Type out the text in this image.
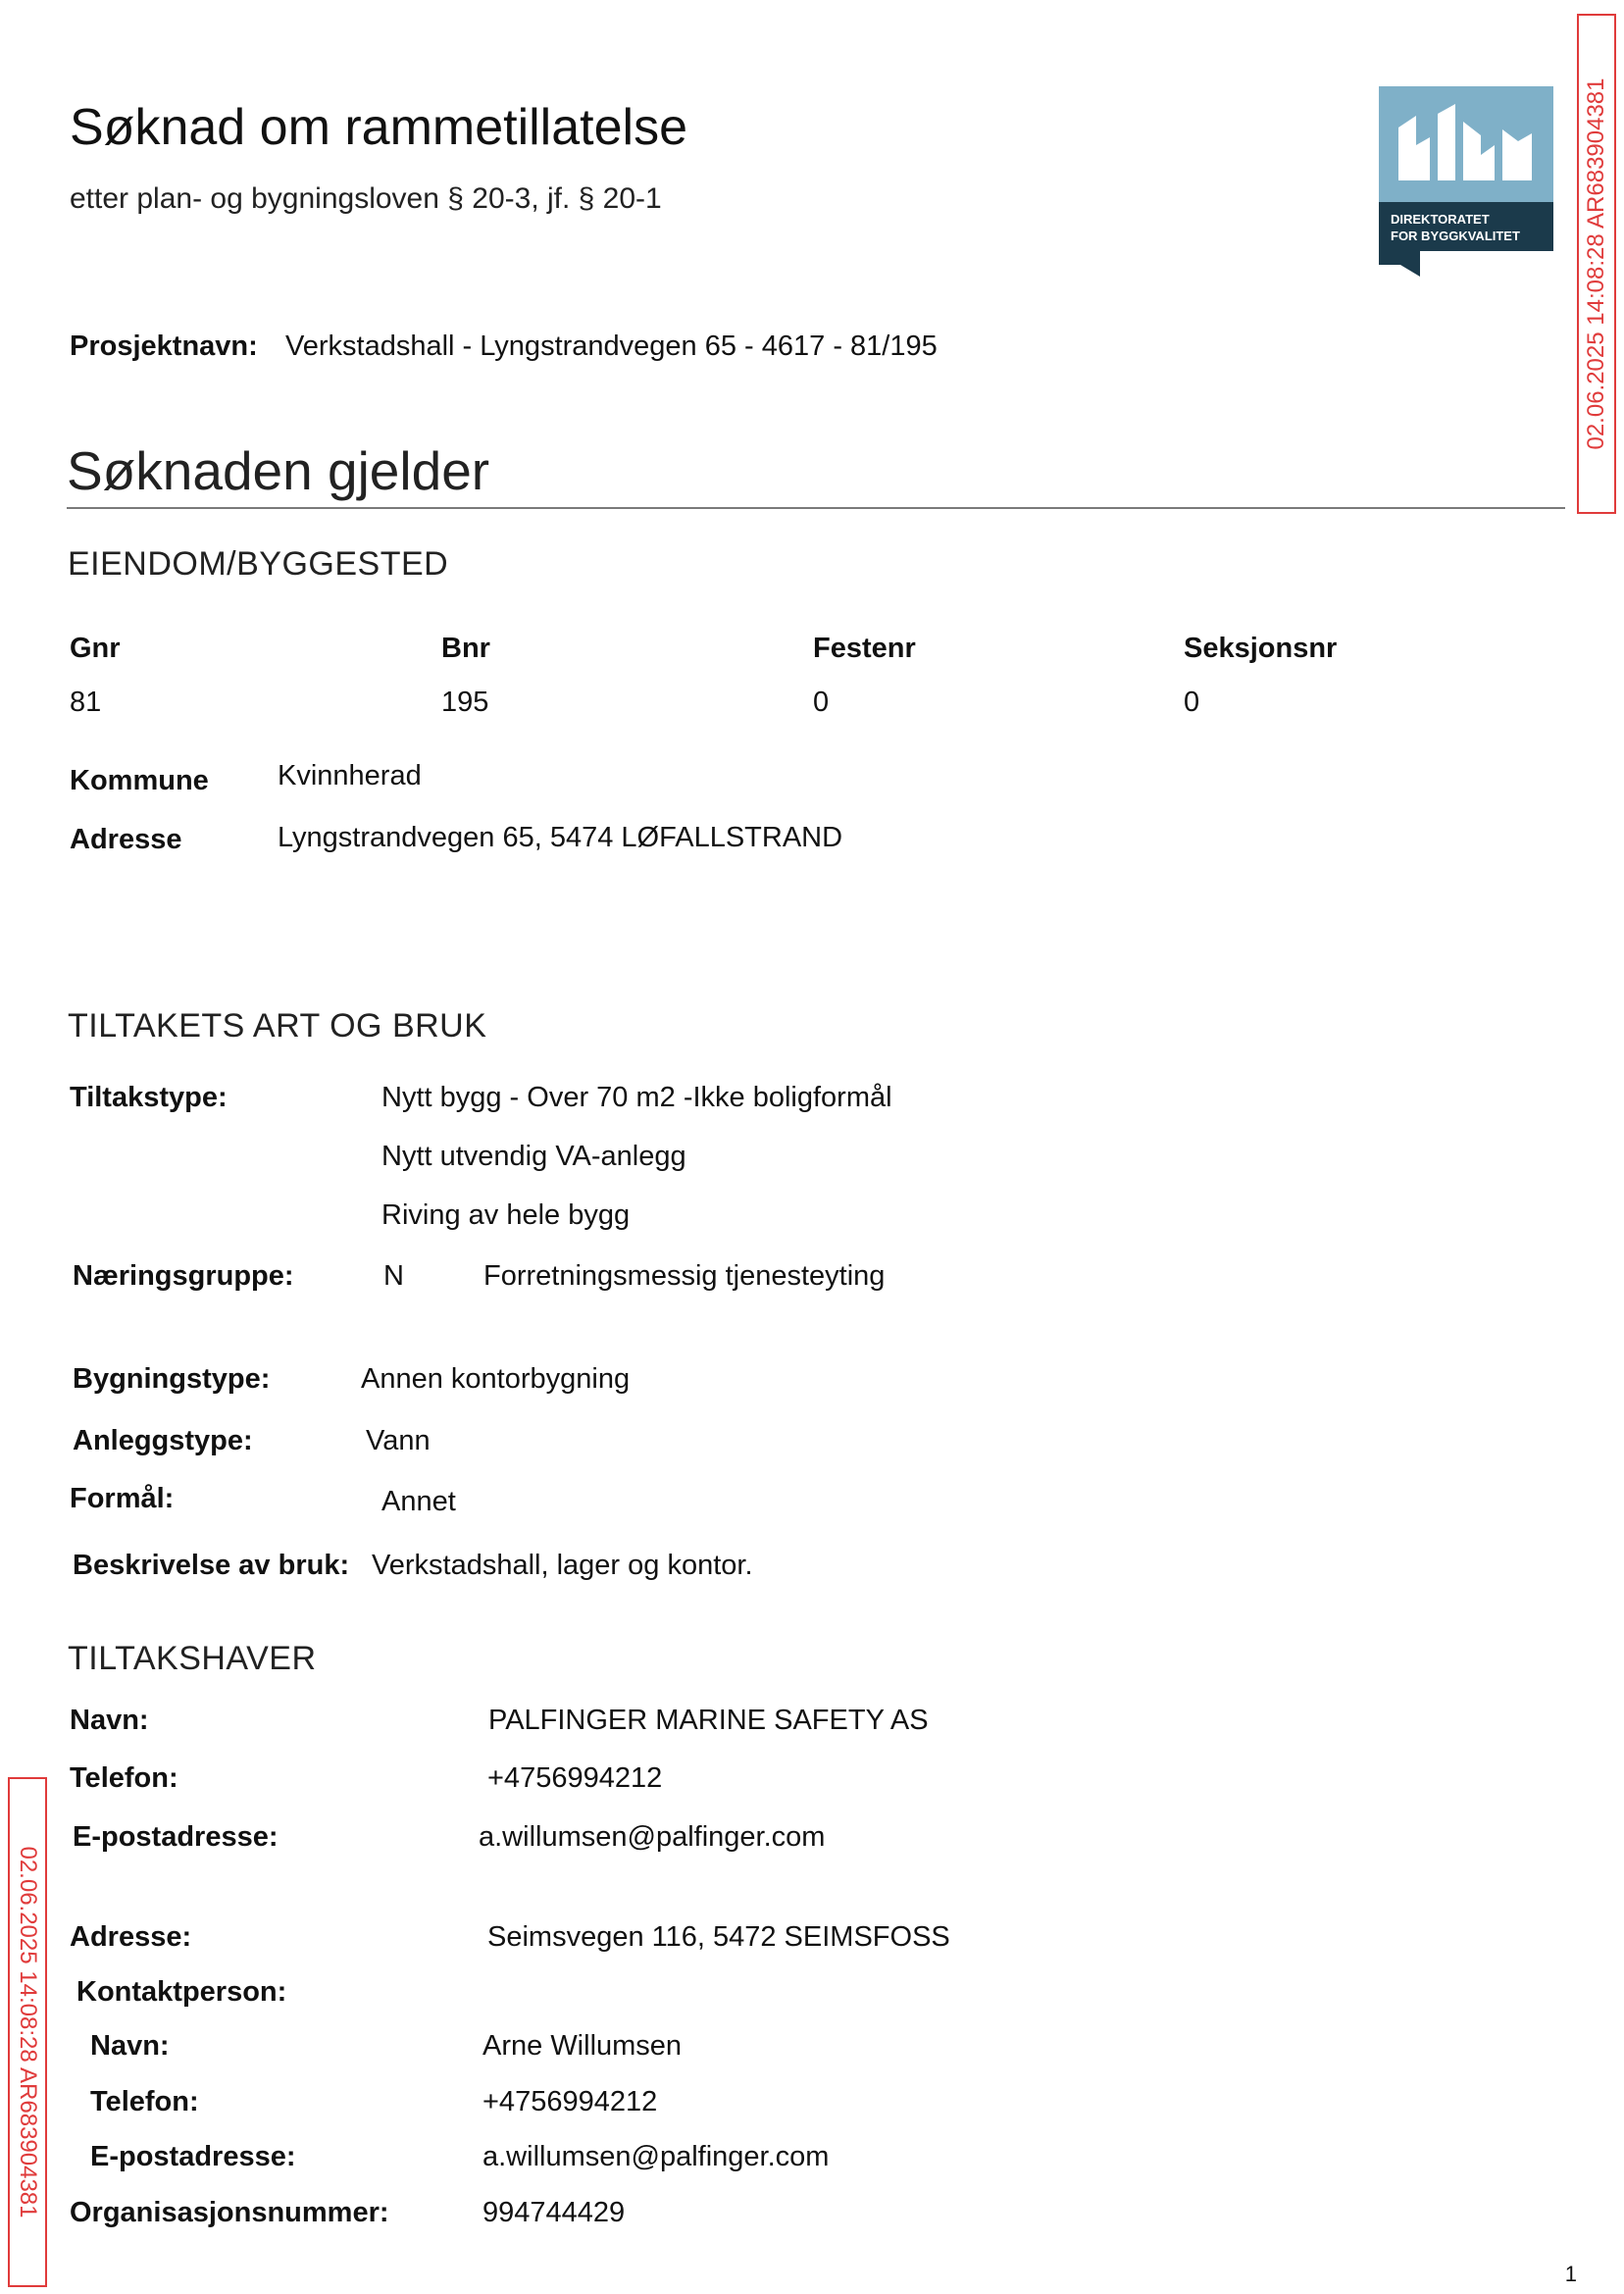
Søknad om rammetillatelse
etter plan- og bygningsloven § 20-3, jf. § 20-1
DIREKTORATET
FOR BYGGKVALITET	02.06.2025 14:08:28 AR683904381
Prosjektnavn: Verkstadshall - Lyngstrandvegen 65 - 4617 - 81/195
Søknaden gjelder
EIENDOM/BYGGESTED
Gnr	Bnr	Festenr	Seksjonsnr
81	195	0	0
Kommune Kvinnherad
Adresse	Lyngstrandvegen 65, 5474 LØFALLSTRAND
TILTAKETS ART OG BRUK
Tiltakstype:	Nytt bygg - Over 70 m2 -Ikke boligformål
Nytt utvendig VA-anlegg
Riving av hele bygg
Næringsgruppe:	N	Forretningsmessig tjenesteyting
Bygningstype:	Annen kontorbygning
Anleggstype:	Vann
Formål:	Annet
Beskrivelse av bruk: Verkstadshall, lager og kontor.
TILTAKSHAVER
Navn:	PALFINGER MARINE SAFETY AS
Telefon:	+4756994212
E-postadresse:	a.willumsen@palfinger.com
Adresse:	Seimsvegen 116, 5472 SEIMSFOSS
Kontaktperson:
Navn:	Arne Willumsen
Telefon:	+4756994212
E-postadresse:	a.willumsen@palfinger.com
Organisasjonsnummer:	994744429
02.06.2025 14:08:28 AR683904381
1
